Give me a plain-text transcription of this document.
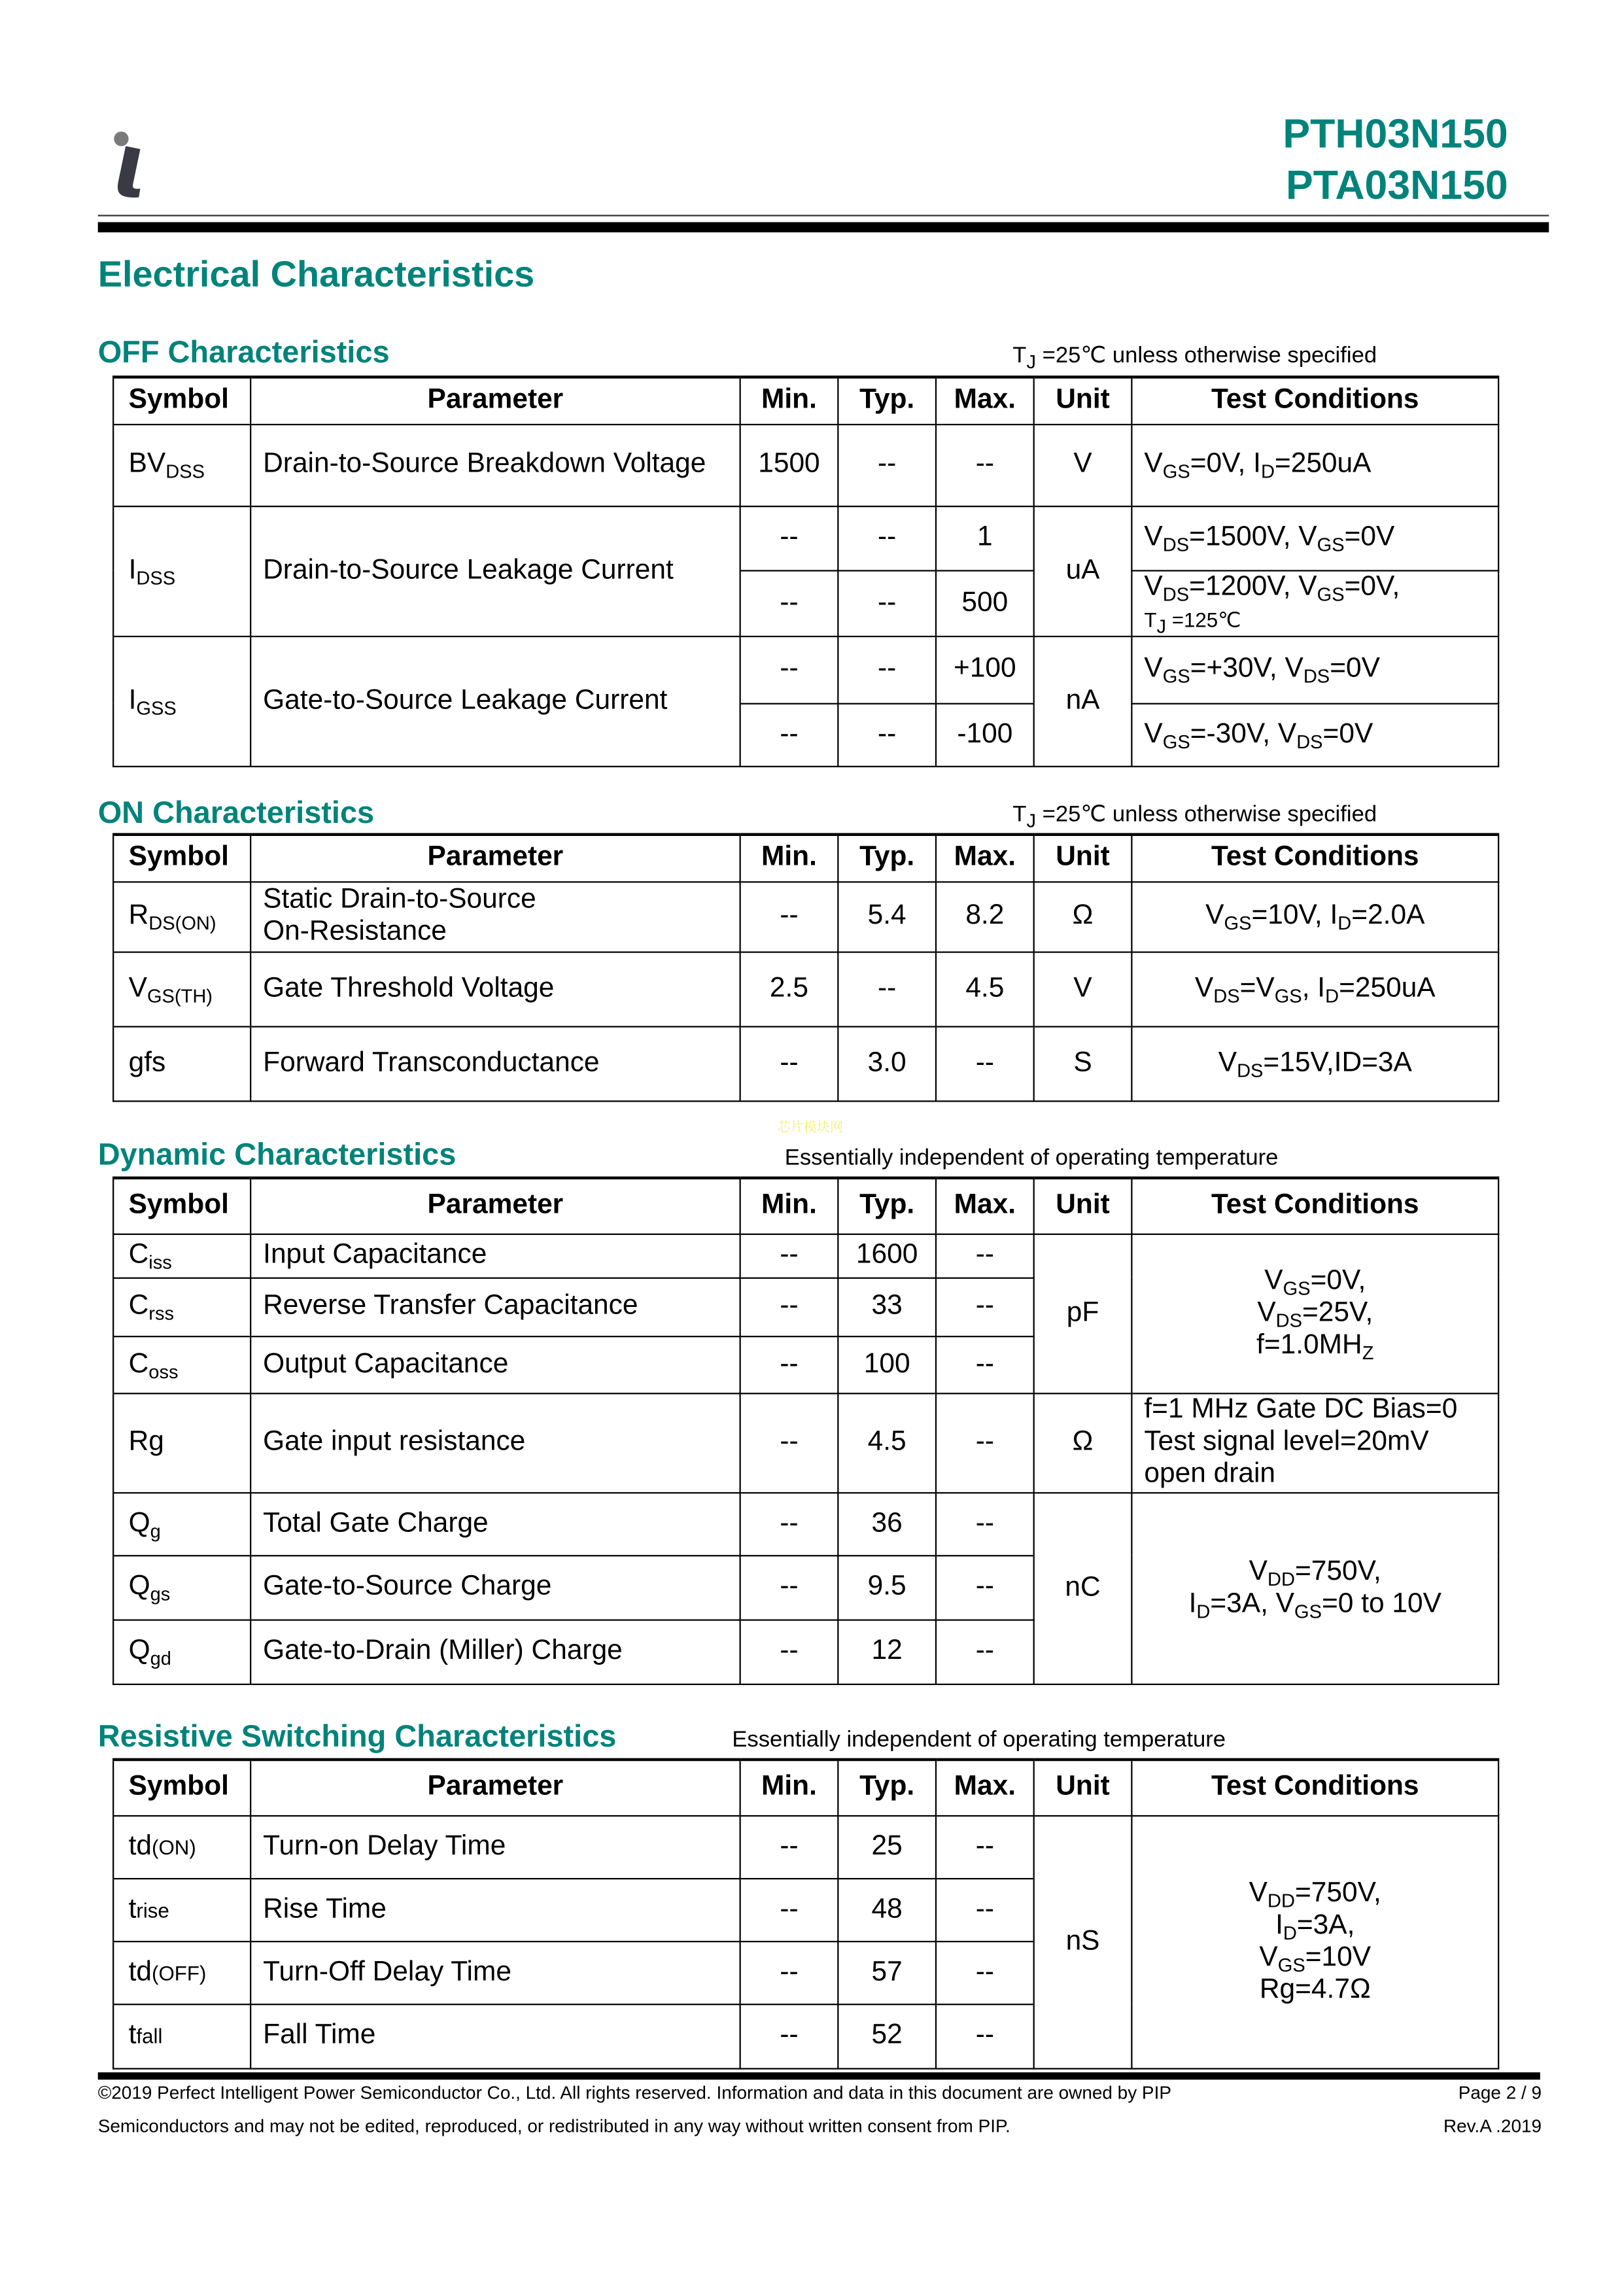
PTH03N150
PTA03N150
Electrical Characteristics
OFF Characteristics	$T_J$ =25℃ unless otherwise specified
Symbol	Parameter	Min.	Typ.	Max.	Unit	Test Conditions
$BV_{DSS}$	Drain-to-Source Breakdown Voltage	1500	--	--	V	$V_{GS}=0V$, $I_D=250uA$

$I_{DSS}$	Drain-to-Source Leakage Current	--	--	1	uA	$V_{DS}=1500V$, $V_{GS}=0V$

		--	--	500		$V_{DS}=1200V$, $V_{GS}=0V$,
$T_J$ =125℃

$I_{GSS}$	Gate-to-Source Leakage Current	--	--	+100	nA	$V_{GS}=+30V$, $V_{DS}=0V$

		--	--	-100		$V_{GS}=-30V$, $V_{DS}=0V$
ON Characteristics	$T_J$ =25℃ unless otherwise specified
Symbol	Parameter	Min.	Typ.	Max.	Unit	Test Conditions
$R_{DS(ON)}$	Static Drain-to-Source
On-Resistance	--	5.4	8.2	Ω	$V_{GS}=10V$, $I_D=2.0A$

$V_{GS(TH)}$	Gate Threshold Voltage	2.5	--	4.5	V	$V_{DS}=V_{GS}$, $I_D=250uA$

gfs	Forward Transconductance	--	3.0	--	S	$V_{DS}=15V,ID=3A$
芯片模块网
Dynamic Characteristics	Essentially independent of operating temperature
Symbol	Parameter	Min.	Typ.	Max.	Unit	Test Conditions
$C_{iss}$	Input Capacitance	--	1600	--	pF	$V_{GS}=0V$,
$V_{DS}=25V$,
$f=1.0MH_Z$

$C_{rss}$	Reverse Transfer Capacitance	--	33	--		
$C_{oss}$	Output Capacitance	--	100	--		
Rg	Gate input resistance	--	4.5	--	Ω	f=1 MHz Gate DC Bias=0
Test signal level=20mV
open drain

$Q_g$	Total Gate Charge	--	36	--	nC	$V_{DD}=750V$,
$I_D=3A$, $V_{GS}=0$ to 10V

$Q_{gs}$	Gate-to-Source Charge	--	9.5	--		
$Q_{gd}$	Gate-to-Drain (Miller) Charge	--	12	--		
Resistive Switching Characteristics	Essentially independent of operating temperature
Symbol	Parameter	Min.	Typ.	Max.	Unit	Test Conditions
td(ON)	Turn-on Delay Time	--	25	--	nS	$V_{DD}=750V$,
$I_D=3A$,
$V_{GS}=10V$
Rg=4.7Ω

trise	Rise Time	--	48	--		
td(OFF)	Turn-Off Delay Time	--	57	--		
tfall	Fall Time	--	52	--		
©2019 Perfect Intelligent Power Semiconductor Co., Ltd. All rights reserved. Information and data in this document are owned by PIP
Semiconductors and may not be edited, reproduced, or redistributed in any way without written consent from PIP.
Page 2 / 9
Rev.A .2019
